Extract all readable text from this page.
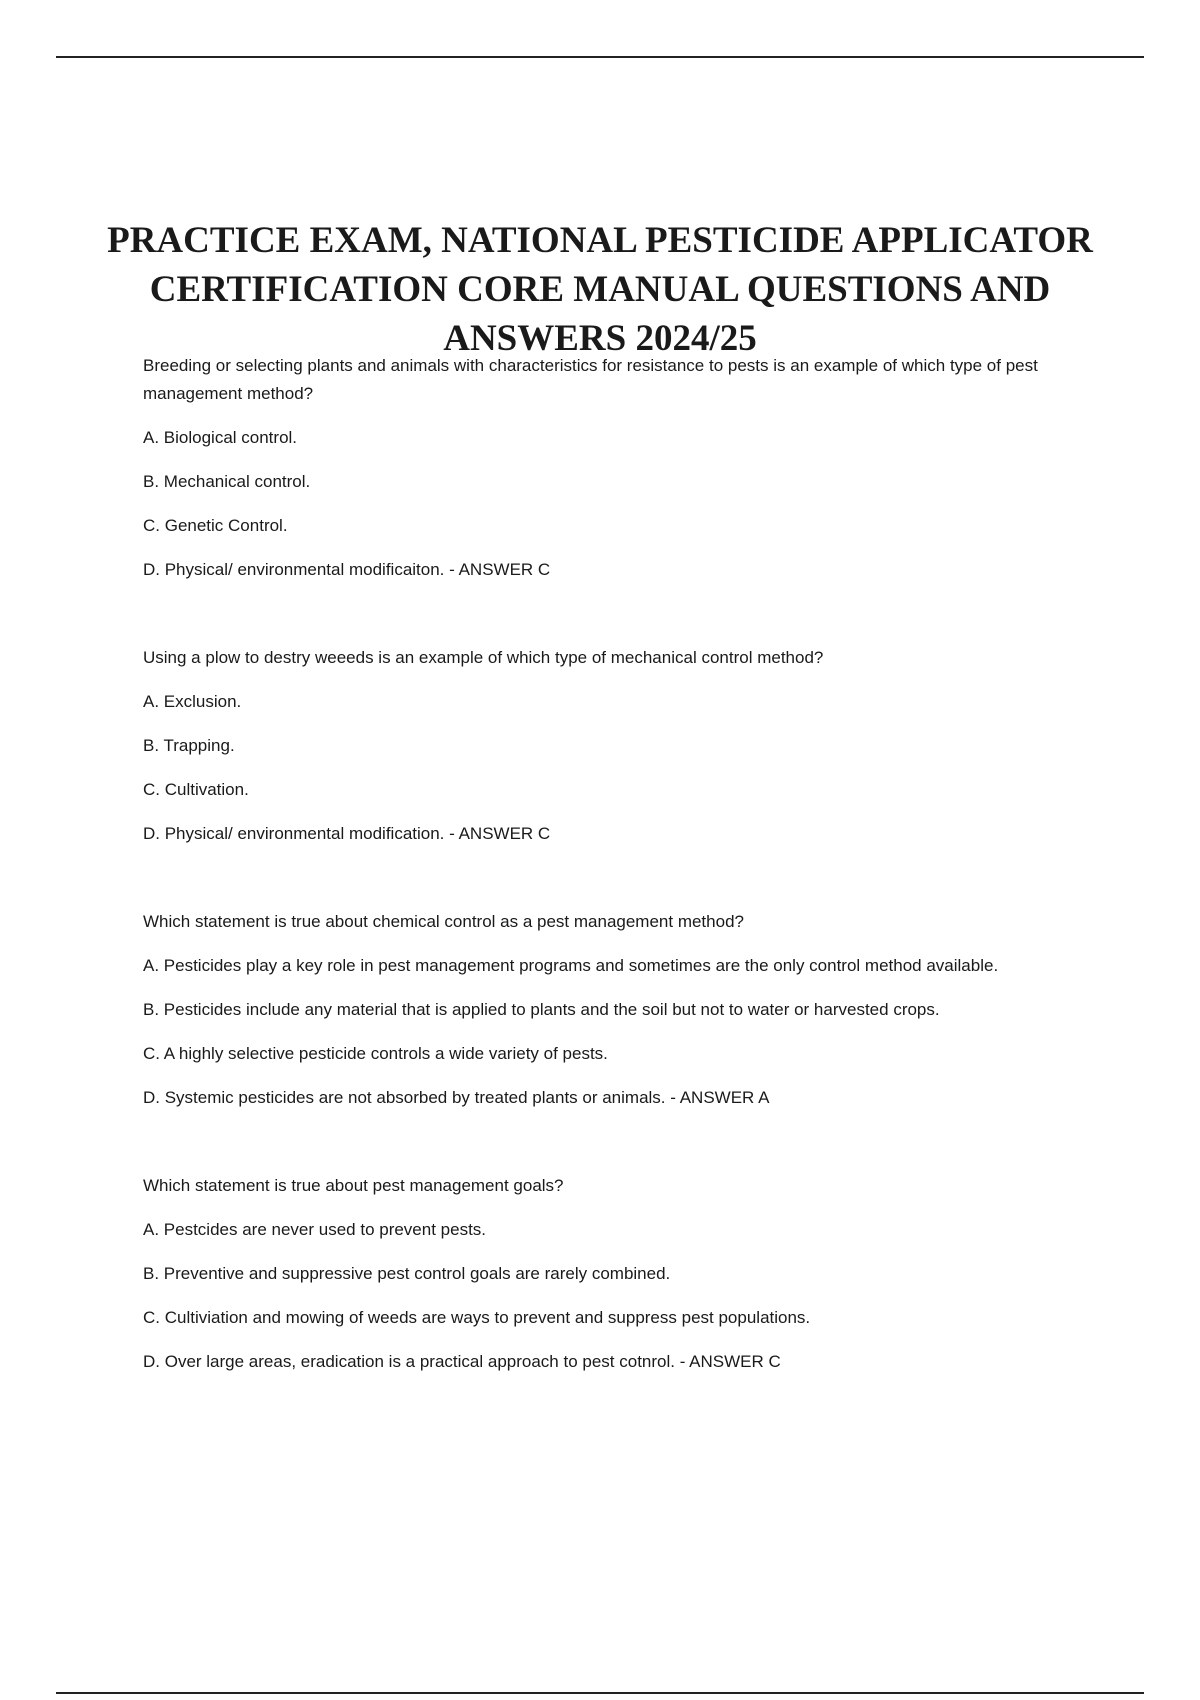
PRACTICE EXAM, NATIONAL PESTICIDE APPLICATOR CERTIFICATION CORE MANUAL QUESTIONS AND ANSWERS 2024/25

Breeding or selecting plants and animals with characteristics for resistance to pests is an example of which type of pest management method?

A. Biological control.

B. Mechanical control.

C. Genetic Control.

D. Physical/ environmental modificaiton. - ANSWER C

Using a plow to destry weeeds is an example of which type of mechanical control method?

A. Exclusion.

B. Trapping.

C. Cultivation.

D. Physical/ environmental modification. - ANSWER C

Which statement is true about chemical control as a pest management method?

A. Pesticides play a key role in pest management programs and sometimes are the only control method available.

B. Pesticides include any material that is applied to plants and the soil but not to water or harvested crops.

C. A highly selective pesticide controls a wide variety of pests.

D. Systemic pesticides are not absorbed by treated plants or animals. - ANSWER A

Which statement is true about pest management goals?

A. Pestcides are never used to prevent pests.

B. Preventive and suppressive pest control goals are rarely combined.

C. Cultiviation and mowing of weeds are ways to prevent and suppress pest populations.

D. Over large areas, eradication is a practical approach to pest cotnrol. - ANSWER C
